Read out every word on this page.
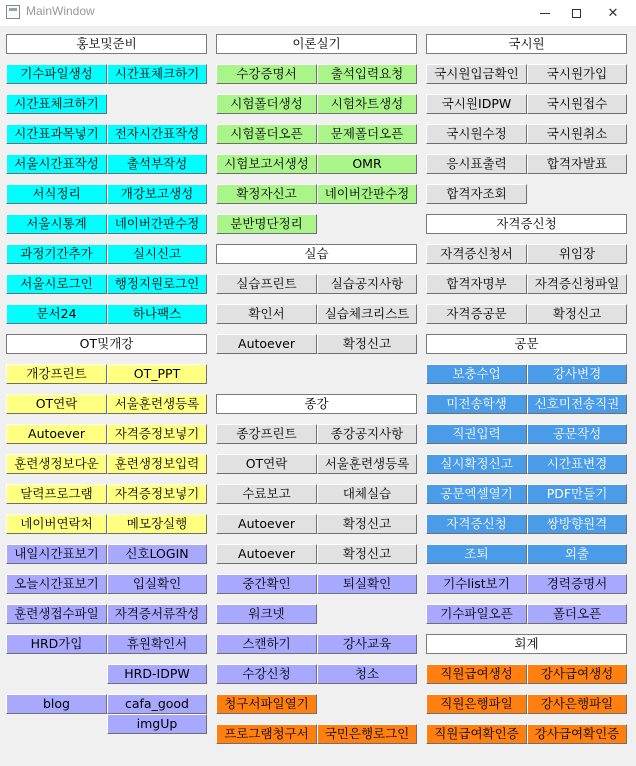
MainWindow	✕
홍보및준비
기수파일생성	시간표체크하기
시간표체크하기
시간표과목넣기	전자시간표작성
서울시간표작성	출석부작성
서식정리	개강보고생성
서울시통계	네이버간판수정
과정기간추가	실시신고
서울시로그인	행정지원로그인
문서24	하나팩스
OT및개강
개강프린트	OT_PPT
OT연락	서울훈련생등록
Autoever	자격증정보넣기
훈련생정보다운	훈련생정보입력
달력프로그램	자격증정보넣기
네이버연락처	메모장실행
내일시간표보기	신호LOGIN
오늘시간표보기	입실확인
훈련생접수파일	자격증서류작성
HRD가입	휴원확인서
HRD-IDPW
blog	cafa_good
imgUp
이론실기
수강증명서	출석입력요청
시험폴더생성	시험차트생성
시험폴더오픈	문제폴더오픈
시험보고서생성	OMR
확정자신고	네이버간판수정
분반명단정리
실습
실습프린트	실습공지사항
확인서	실습체크리스트
Autoever	확정신고
종강
종강프린트	종강공지사항
OT연락	서울훈련생등록
수료보고	대체실습
Autoever	확정신고
Autoever	확정신고
중간확인	퇴실확인
워크넷
스캔하기	강사교육
수강신청	청소
청구서파일열기
프로그램청구서	국민은행로그인
국시원
국시원입금확인	국시원가입
국시원IDPW	국시원접수
국시원수정	국시원취소
응시표출력	합격자발표
합격자조회
자격증신청
자격증신청서	위임장
합격자명부	자격증신청파일
자격증공문	확정신고
공문
보충수업	강사변경
미전송학생	신호미전송직권
직권입력	공문작성
실시확정신고	시간표변경
공문엑셀열기	PDF만들기
자격증신청	쌍방향원격
조퇴	외출
기수list보기	경력증명서
기수파일오픈	폴더오픈
회계
직원급여생성	강사급여생성
직원은행파일	강사은행파일
직원급여확인증	강사급여확인증
